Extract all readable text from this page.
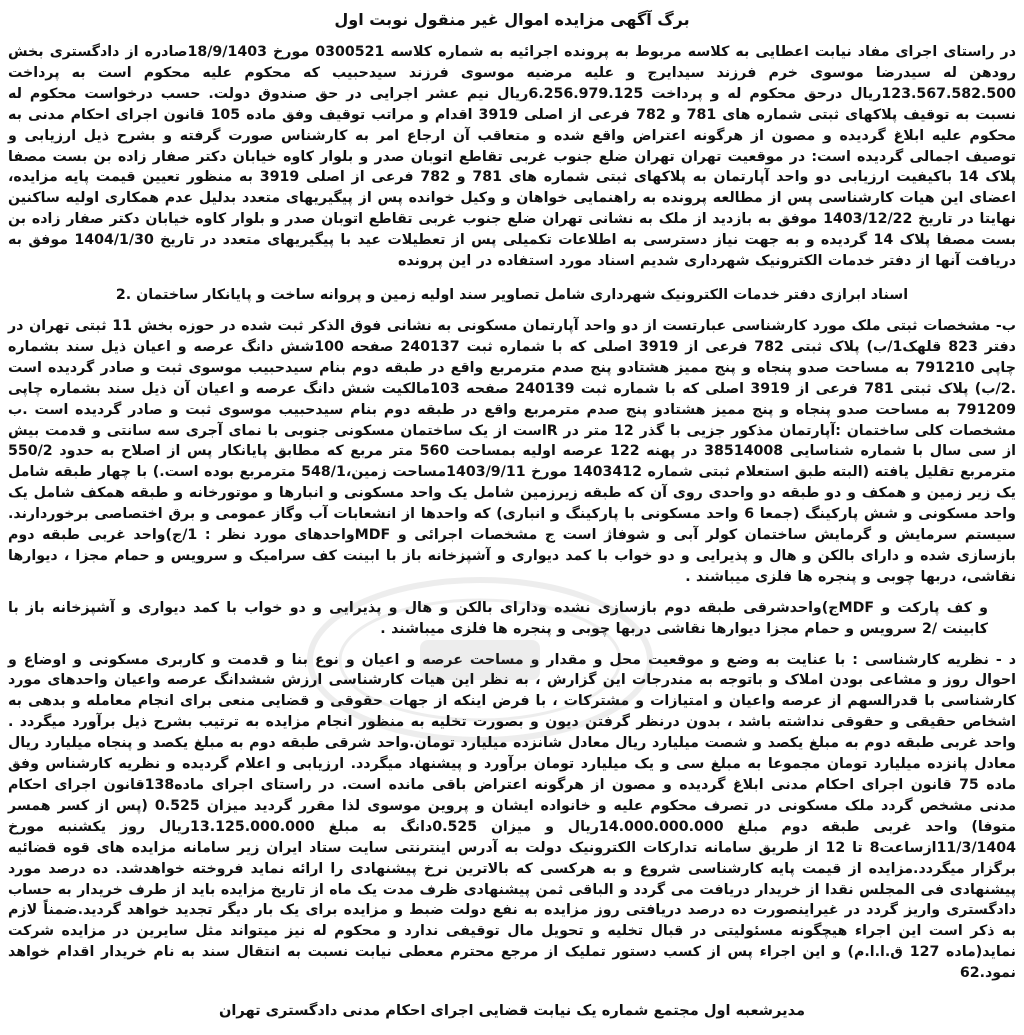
برگ آگهی مزایده اموال غیر منقول نوبت اول

در راستای اجرای مفاد نیابت اعطایی به کلاسه مربوط به پرونده اجرائیه به شماره کلاسه 0300521 مورخ 18/9/1403صادره از دادگستری بخش رودهن له سیدرضا موسوی خرم فرزند سیدایرج و علیه مرضیه موسوی فرزند سیدحبیب که محکوم علیه محکوم است به پرداخت 123.567.582.500ریال درحق محکوم له و پرداخت 6.256.979.125ریال نیم عشر اجرایی در حق صندوق دولت. حسب درخواست محکوم له نسبت به توقیف پلاکهای ثبتی شماره های 781 و 782 فرعی از اصلی 3919 اقدام و مراتب توقیف وفق ماده 105 قانون اجرای احکام مدنی به محکوم علیه ابلاغ گردیده و مصون از هرگونه اعتراض واقع شده و متعاقب آن ارجاع امر به کارشناس صورت گرفته و بشرح ذیل ارزیابی و توصیف اجمالی گردیده است: در موقعیت تهران تهران ضلع جنوب غربی تقاطع اتوبان صدر و بلوار کاوه خیابان دکتر صفار زاده بن بست مصفا پلاک 14 باکیفیت ارزیابی دو واحد آپارتمان به پلاکهای ثبتی شماره های 781 و 782 فرعی از اصلی 3919 به منظور تعیین قیمت پایه مزایده، اعضای این هیات کارشناسی پس از مطالعه پرونده به راهنمایی خواهان و وکیل خوانده پس از پیگیریهای متعدد بدلیل عدم همکاری اولیه ساکنین نهایتا در تاریخ 1403/12/22 موفق به بازدید از ملک به نشانی تهران ضلع جنوب غربی تقاطع اتوبان صدر و بلوار کاوه خیابان دکتر صفار زاده بن بست مصفا پلاک 14 گردیده و به جهت نیاز دسترسی به اطلاعات تکمیلی پس از تعطیلات عید با پیگیریهای متعدد در تاریخ 1404/1/30 موفق به دریافت آنها از دفتر خدمات الکترونیک شهرداری شدیم اسناد مورد استفاده در این پرونده

اسناد ابرازی دفتر خدمات الکترونیک شهرداری شامل تصاویر سند اولیه زمین و پروانه ساخت و پایانکار ساختمان .2

ب- مشخصات ثبتی ملک مورد کارشناسی عبارتست از دو واحد آپارتمان مسکونی به نشانی فوق الذکر ثبت شده در حوزه بخش 11 ثبتی تهران در دفتر 823 قلهک1/ب) پلاک ثبتی 782 فرعی از 3919 اصلی که با شماره ثبت 240137 صفحه 100شش دانگ عرصه و اعیان ذیل سند بشماره چاپی 791210 به مساحت صدو پنجاه و پنج ممیز هشتادو پنج صدم مترمربع واقع در طبقه دوم بنام سیدحبیب موسوی ثبت و صادر گردیده است .2/ب) پلاک ثبتی 781 فرعی از 3919 اصلی که با شماره ثبت 240139 صفحه 103مالکیت شش دانگ عرصه و اعیان آن ذیل سند بشماره چاپی 791209 به مساحت صدو پنجاه و پنج ممیز هشتادو پنج صدم مترمربع واقع در طبقه دوم بنام سیدحبیب موسوی ثبت و صادر گردیده است .ب مشخصات کلی ساختمان :آپارتمان مذکور جزیی با گذر 12 متر در Rاست از یک ساختمان مسکونی جنوبی با نمای آجری سه سانتی و قدمت بیش از سی سال با شماره شناسایی 38514008 در پهنه 122 عرصه اولیه بمساحت 560 متر مربع که مطابق پایانکار پس از اصلاح به حدود 550/2 مترمربع تقلیل یافته (البته طبق استعلام ثبتی شماره 1403412 مورخ 1403/9/11مساحت زمین،548/1 مترمربع بوده است.) با چهار طبقه شامل یک زیر زمین و همکف و دو طبقه دو واحدی روی آن که طبقه زیرزمین شامل یک واحد مسکونی و انبارها و موتورخانه و طبقه همکف شامل یک واحد مسکونی و شش پارکینگ (جمعا 6 واحد مسکونی با پارکینگ و انباری) که واحدها از انشعابات آب وگاز عمومی و برق اختصاصی برخوردارند. سیستم سرمایش و گرمایش ساختمان کولر آبی و شوفاژ است ج مشخصات اجرائی و MDFواحدهای مورد نظر : 1/ج)واحد غربی طبقه دوم بازسازی شده و دارای بالکن و هال و پذیرایی و دو خواب با کمد دیواری و آشپزخانه باز با ابینت کف سرامیک و سرویس و حمام مجزا ، دیوارها نقاشی، دربها چوبی و پنجره ها فلزی میباشند .

و کف پارکت و MDFج)واحدشرقی طبقه دوم بازسازی نشده ودارای بالکن و هال و پذیرایی و دو خواب با کمد دیواری و آشپزخانه باز با کابینت /2 سرویس و حمام مجزا دیوارها نقاشی دربها چوبی و پنجره ها فلزی میباشند .

د - نظریه کارشناسی : با عنایت به وضع و موقعیت محل و مقدار و مساحت عرصه و اعیان و نوع بنا و قدمت و کاربری مسکونی و اوضاع و احوال روز و مشاعی بودن املاک و باتوجه به مندرجات این گزارش ، به نظر این هیات کارشناسی ارزش ششدانگ عرصه واعیان واحدهای مورد کارشناسی با قدرالسهم از عرصه واعیان و امتیازات و مشترکات ، با فرض اینکه از جهات حقوقی و قضایی منعی برای انجام معامله و بدهی به اشخاص حقیقی و حقوقی نداشته باشد ، بدون درنظر گرفتن دیون و بصورت تخلیه به منظور انجام مزایده به ترتیب بشرح ذیل برآورد میگردد . واحد غربی طبقه دوم به مبلغ یکصد و شصت میلیارد ریال معادل شانزده میلیارد تومان.واحد شرقی طبقه دوم به مبلغ یکصد و پنجاه میلیارد ریال معادل پانزده میلیارد تومان مجموعا به مبلغ سی و یک میلیارد تومان برآورد و پیشنهاد میگردد. ارزیابی و اعلام گردیده و نظریه کارشناس وفق ماده 75 قانون اجرای احکام مدنی ابلاغ گردیده و مصون از هرگونه اعتراض باقی مانده است. در راستای اجرای ماده138قانون اجرای احکام مدنی مشخص گردد ملک مسکونی در تصرف محکوم علیه و خانواده ایشان و پروین موسوی لذا مقرر گردید میزان 0.525 (پس از کسر همسر متوفا) واحد غربی طبقه دوم مبلغ 14.000.000.000ریال و میزان 0.525دانگ به مبلغ 13.125.000.000ریال روز یکشنبه مورخ 11/3/1404ازساعت8 تا 12 از طریق سامانه تدارکات الکترونیک دولت به آدرس اینترنتی سایت ستاد ایران زیر سامانه مزایده های قوه قضائیه برگزار میگردد.مزایده از قیمت پایه کارشناسی شروع و به هرکسی که بالاترین نرخ پیشنهادی را ارائه نماید فروخته خواهدشد. ده درصد مورد پیشنهادی فی المجلس نقدا از خریدار دریافت می گردد و الباقی ثمن پیشنهادی ظرف مدت یک ماه از تاریخ مزایده باید از طرف خریدار به حساب دادگستری واریز گردد در غیراینصورت ده درصد دریافتی روز مزایده به نفع دولت ضبط و مزایده برای یک بار دیگر تجدید خواهد گردید.ضمناً لازم به ذکر است این اجراء هیچگونه مسئولیتی در قبال تخلیه و تحویل مال توقیفی ندارد و محکوم له نیز میتواند مثل سایرین در مزایده شرکت نماید(ماده 127 ق.ا.ا.م) و این اجراء پس از کسب دستور تملیک از مرجع محترم معطی نیابت نسبت به انتقال سند به نام خریدار اقدام خواهد نمود.62

مدیرشعبه اول مجتمع شماره یک نیابت قضایی اجرای احکام مدنی دادگستری تهران
